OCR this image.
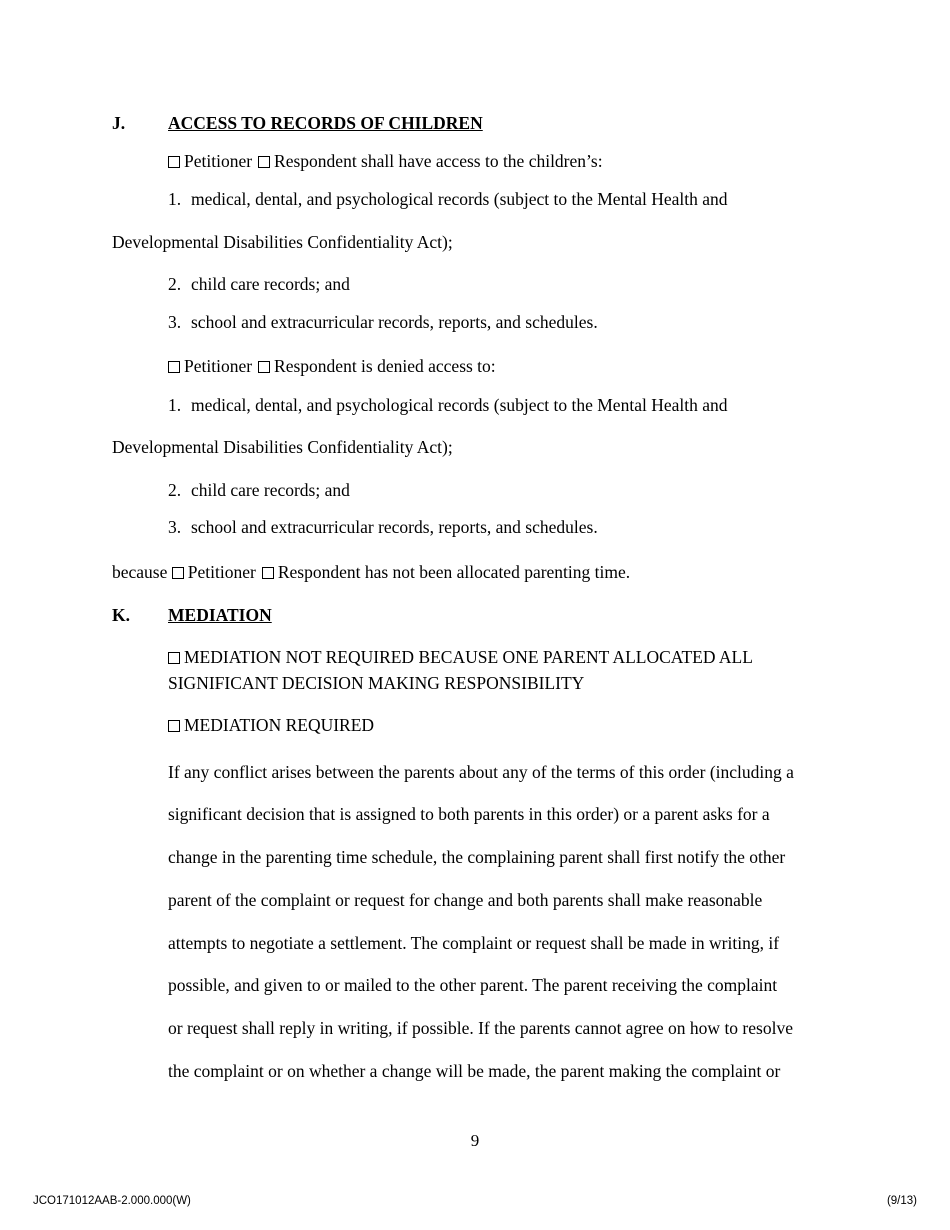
J. ACCESS TO RECORDS OF CHILDREN
Petitioner Respondent shall have access to the children’s:
1. medical, dental, and psychological records (subject to the Mental Health and
Developmental Disabilities Confidentiality Act);
2. child care records; and
3. school and extracurricular records, reports, and schedules.
Petitioner Respondent is denied access to:
1. medical, dental, and psychological records (subject to the Mental Health and
Developmental Disabilities Confidentiality Act);
2. child care records; and
3. school and extracurricular records, reports, and schedules.
because Petitioner Respondent has not been allocated parenting time.
K. MEDIATION
MEDIATION NOT REQUIRED BECAUSE ONE PARENT ALLOCATED ALL
SIGNIFICANT DECISION MAKING RESPONSIBILITY
MEDIATION REQUIRED
If any conflict arises between the parents about any of the terms of this order (including a
significant decision that is assigned to both parents in this order) or a parent asks for a
change in the parenting time schedule, the complaining parent shall first notify the other
parent of the complaint or request for change and both parents shall make reasonable
attempts to negotiate a settlement. The complaint or request shall be made in writing, if
possible, and given to or mailed to the other parent. The parent receiving the complaint
or request shall reply in writing, if possible. If the parents cannot agree on how to resolve
the complaint or on whether a change will be made, the parent making the complaint or
9
JCO171012AAB-2.000.000(W)	(9/13)
